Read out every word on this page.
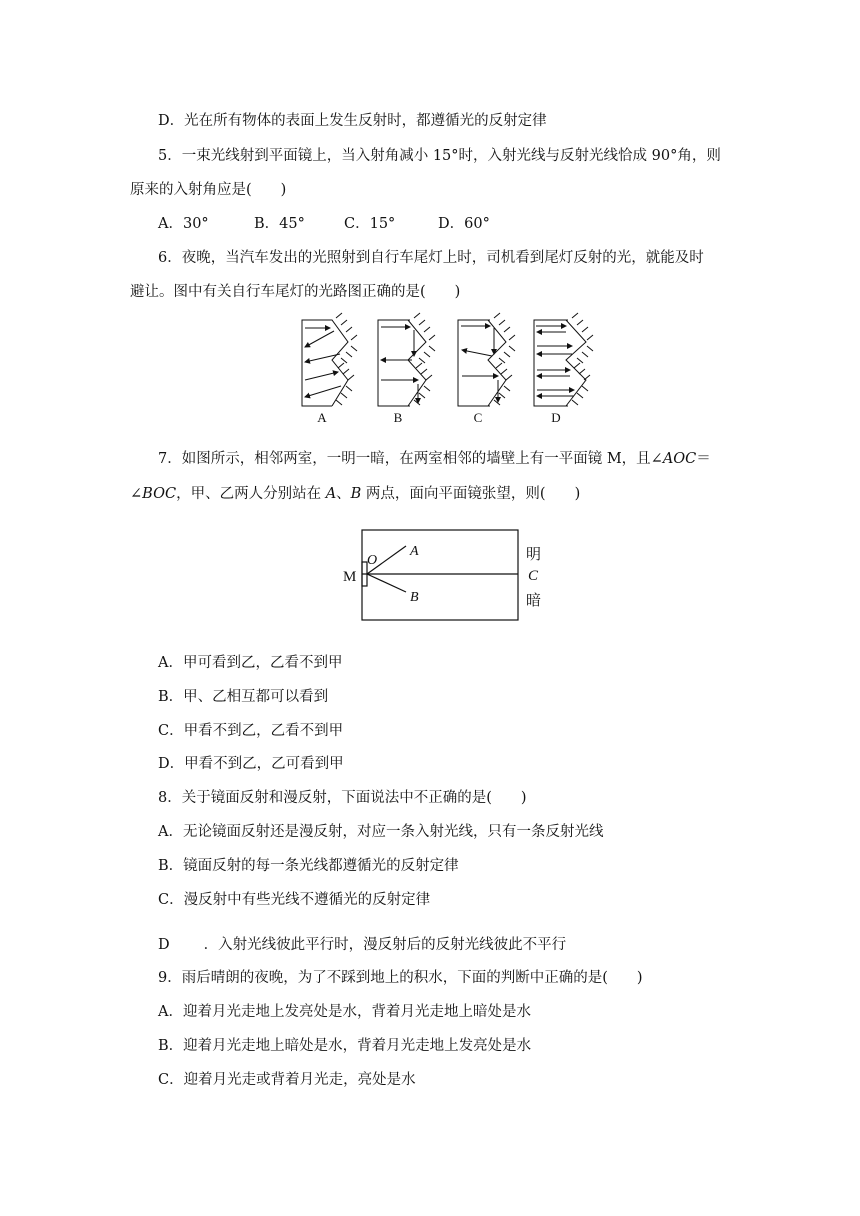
D．光在所有物体的表面上发生反射时，都遵循光的反射定律
5．一束光线射到平面镜上，当入射角减小 15°时，入射光线与反射光线恰成 90°角，则
原来的入射角应是(　　)
A．30°	B．45°	C．15°	D．60°
6．夜晚，当汽车发出的光照射到自行车尾灯上时，司机看到尾灯反射的光，就能及时
避让。图中有关自行车尾灯的光路图正确的是(　　)
A	B	C	D
7．如图所示，相邻两室，一明一暗，在两室相邻的墙壁上有一平面镜 M，且∠AOC＝
∠BOC，甲、乙两人分别站在 A、B 两点，面向平面镜张望，则(　　)
M
O
A
B
明
C
暗
A．甲可看到乙，乙看不到甲
B．甲、乙相互都可以看到
C．甲看不到乙，乙看不到甲
D．甲看不到乙，乙可看到甲
8．关于镜面反射和漫反射，下面说法中不正确的是(　　)
A．无论镜面反射还是漫反射，对应一条入射光线，只有一条反射光线
B．镜面反射的每一条光线都遵循光的反射定律
C．漫反射中有些光线不遵循光的反射定律
D ．入射光线彼此平行时，漫反射后的反射光线彼此不平行
9．雨后晴朗的夜晚，为了不踩到地上的积水，下面的判断中正确的是(　　)
A．迎着月光走地上发亮处是水，背着月光走地上暗处是水
B．迎着月光走地上暗处是水，背着月光走地上发亮处是水
C．迎着月光走或背着月光走，亮处是水
